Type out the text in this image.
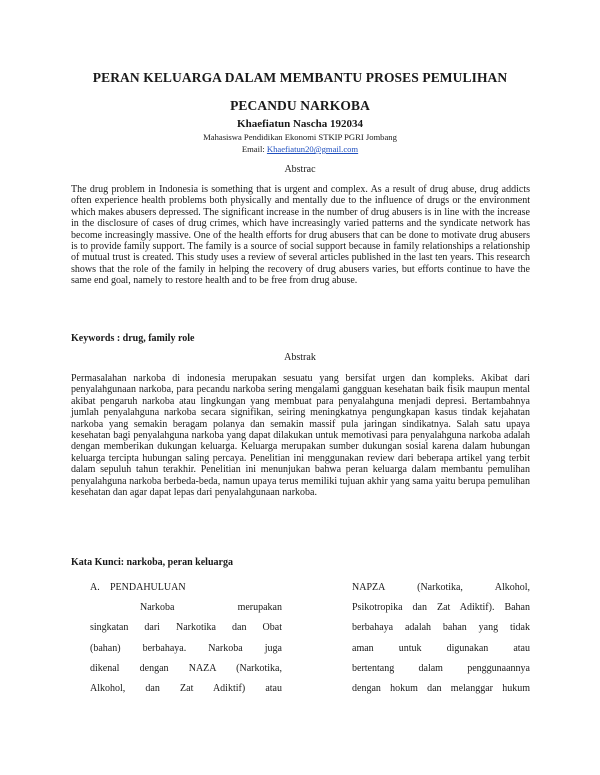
PERAN KELUARGA DALAM MEMBANTU PROSES PEMULIHAN
PECANDU NARKOBA
Khaefiatun Nascha 192034
Mahasiswa Pendidikan Ekonomi STKIP PGRI Jombang
Email: Khaefiatun20@gmail.com
Abstrac

The drug problem in Indonesia is something that is urgent and complex. As a result of drug abuse, drug addicts often experience health problems both physically and mentally due to the influence of drugs or the environment which makes abusers depressed. The significant increase in the number of drug abusers is in line with the increase in the disclosure of cases of drug crimes, which have increasingly varied patterns and the syndicate network has become increasingly massive. One of the health efforts for drug abusers that can be done to motivate drug abusers is to provide family support. The family is a source of social support because in family relationships a relationship of mutual trust is created. This study uses a review of several articles published in the last ten years. This research shows that the role of the family in helping the recovery of drug abusers varies, but efforts continue to have the same end goal, namely to restore health and to be free from drug abuse.

Keywords : drug, family role
Abstrak

Permasalahan narkoba di indonesia merupakan sesuatu yang bersifat urgen dan kompleks. Akibat dari penyalahgunaan narkoba, para pecandu narkoba sering mengalami gangguan kesehatan baik fisik maupun mental akibat pengaruh narkoba atau lingkungan yang membuat para penyalahguna menjadi depresi. Bertambahnya jumlah penyalahguna narkoba secara signifikan, seiring meningkatnya pengungkapan kasus tindak kejahatan narkoba yang semakin beragam polanya dan semakin massif pula jaringan sindikatnya. Salah satu upaya kesehatan bagi penyalahguna narkoba yang dapat dilakukan untuk memotivasi para penyalahguna narkoba adalah dengan memberikan dukungan keluarga. Keluarga merupakan sumber dukungan sosial karena dalam hubungan keluarga tercipta hubungan saling percaya. Penelitian ini menggunakan review dari beberapa artikel yang terbit dalam sepuluh tahun terakhir. Penelitian ini menunjukan bahwa peran keluarga dalam membantu pemulihan penyalahguna narkoba berbeda-beda, namun upaya terus memiliki tujuan akhir yang sama yaitu berupa pemulihan kesehatan dan agar dapat lepas dari penyalahgunaan narkoba.

Kata Kunci: narkoba, peran keluarga
A.	PENDAHULUAN
Narkoba merupakan
singkatan dari Narkotika dan Obat
(bahan) berbahaya. Narkoba juga
dikenal dengan NAZA (Narkotika,
Alkohol, dan Zat Adiktif) atau
NAPZA (Narkotika, Alkohol,
Psikotropika dan Zat Adiktif). Bahan
berbahaya adalah bahan yang tidak
aman untuk digunakan atau
bertentang dalam penggunaannya
dengan hokum dan melanggar hukum
